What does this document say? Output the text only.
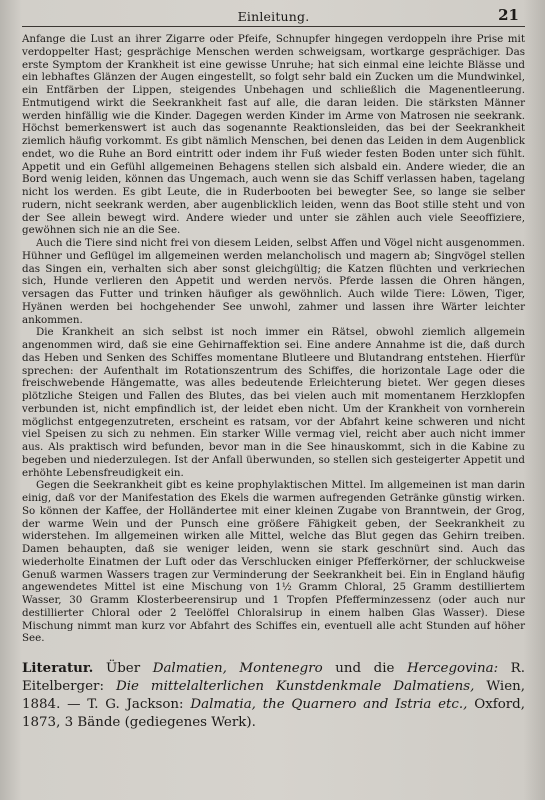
Einleitung.	21

Anfange die Lust an ihrer Zigarre oder Pfeife, Schnupfer hingegen verdoppeln ihre Prise mit verdoppelter Hast; gesprächige Menschen werden schweigsam, wortkarge gesprächiger. Das erste Symptom der Krankheit ist eine gewisse Unruhe; hat sich einmal eine leichte Blässe und ein lebhaftes Glänzen der Augen eingestellt, so folgt sehr bald ein Zucken um die Mundwinkel, ein Entfärben der Lippen, steigendes Unbehagen und schließlich die Magenentleerung. Entmutigend wirkt die Seekrankheit fast auf alle, die daran leiden. Die stärksten Männer werden hinfällig wie die Kinder. Dagegen werden Kinder im Arme von Matrosen nie seekrank. Höchst bemerkenswert ist auch das sogenannte Reaktionsleiden, das bei der Seekrankheit ziemlich häufig vorkommt. Es gibt nämlich Menschen, bei denen das Leiden in dem Augenblick endet, wo die Ruhe an Bord eintritt oder indem ihr Fuß wieder festen Boden unter sich fühlt. Appetit und ein Gefühl allgemeinen Behagens stellen sich alsbald ein. Andere wieder, die an Bord wenig leiden, können das Ungemach, auch wenn sie das Schiff verlassen haben, tagelang nicht los werden. Es gibt Leute, die in Ruderbooten bei bewegter See, so lange sie selber rudern, nicht seekrank werden, aber augenblicklich leiden, wenn das Boot stille steht und von der See allein bewegt wird. Andere wieder und unter sie zählen auch viele Seeoffiziere, gewöhnen sich nie an die See.

Auch die Tiere sind nicht frei von diesem Leiden, selbst Affen und Vögel nicht ausgenommen. Hühner und Geflügel im allgemeinen werden melancholisch und magern ab; Singvögel stellen das Singen ein, verhalten sich aber sonst gleichgültig; die Katzen flüchten und verkriechen sich, Hunde verlieren den Appetit und werden nervös. Pferde lassen die Ohren hängen, versagen das Futter und trinken häufiger als gewöhnlich. Auch wilde Tiere: Löwen, Tiger, Hyänen werden bei hochgehender See unwohl, zahmer und lassen ihre Wärter leichter ankommen.

Die Krankheit an sich selbst ist noch immer ein Rätsel, obwohl ziemlich allgemein angenommen wird, daß sie eine Gehirnaffektion sei. Eine andere Annahme ist die, daß durch das Heben und Senken des Schiffes momentane Blutleere und Blutandrang entstehen. Hierfür sprechen: der Aufenthalt im Rotationszentrum des Schiffes, die horizontale Lage oder die freischwebende Hängematte, was alles bedeutende Erleichterung bietet. Wer gegen dieses plötzliche Steigen und Fallen des Blutes, das bei vielen auch mit momentanem Herzklopfen verbunden ist, nicht empfindlich ist, der leidet eben nicht. Um der Krankheit von vornherein möglichst entgegenzutreten, erscheint es ratsam, vor der Abfahrt keine schweren und nicht viel Speisen zu sich zu nehmen. Ein starker Wille vermag viel, reicht aber auch nicht immer aus. Als praktisch wird befunden, bevor man in die See hinauskommt, sich in die Kabine zu begeben und niederzulegen. Ist der Anfall überwunden, so stellen sich gesteigerter Appetit und erhöhte Lebensfreudigkeit ein.

Gegen die Seekrankheit gibt es keine prophylaktischen Mittel. Im allgemeinen ist man darin einig, daß vor der Manifestation des Ekels die warmen aufregenden Getränke günstig wirken. So können der Kaffee, der Holländertee mit einer kleinen Zugabe von Branntwein, der Grog, der warme Wein und der Punsch eine größere Fähigkeit geben, der Seekrankheit zu widerstehen. Im allgemeinen wirken alle Mittel, welche das Blut gegen das Gehirn treiben. Damen behaupten, daß sie weniger leiden, wenn sie stark geschnürt sind. Auch das wiederholte Einatmen der Luft oder das Verschlucken einiger Pfefferkörner, der schluckweise Genuß warmen Wassers tragen zur Verminderung der Seekrankheit bei. Ein in England häufig angewendetes Mittel ist eine Mischung von 1½ Gramm Chloral, 25 Gramm destilliertem Wasser, 30 Gramm Klosterbeerensirup und 1 Tropfen Pfefferminzessenz (oder auch nur destillierter Chloral oder 2 Teelöffel Chloralsirup in einem halben Glas Wasser). Diese Mischung nimmt man kurz vor Abfahrt des Schiffes ein, eventuell alle acht Stunden auf höher See.

Literatur. Über Dalmatien, Montenegro und die Hercegovina: R. Eitelberger: Die mittelalterlichen Kunstdenkmale Dalmatiens, Wien, 1884. — T. G. Jackson: Dalmatia, the Quarnero and Istria etc., Oxford, 1873, 3 Bände (gediegenes Werk).
